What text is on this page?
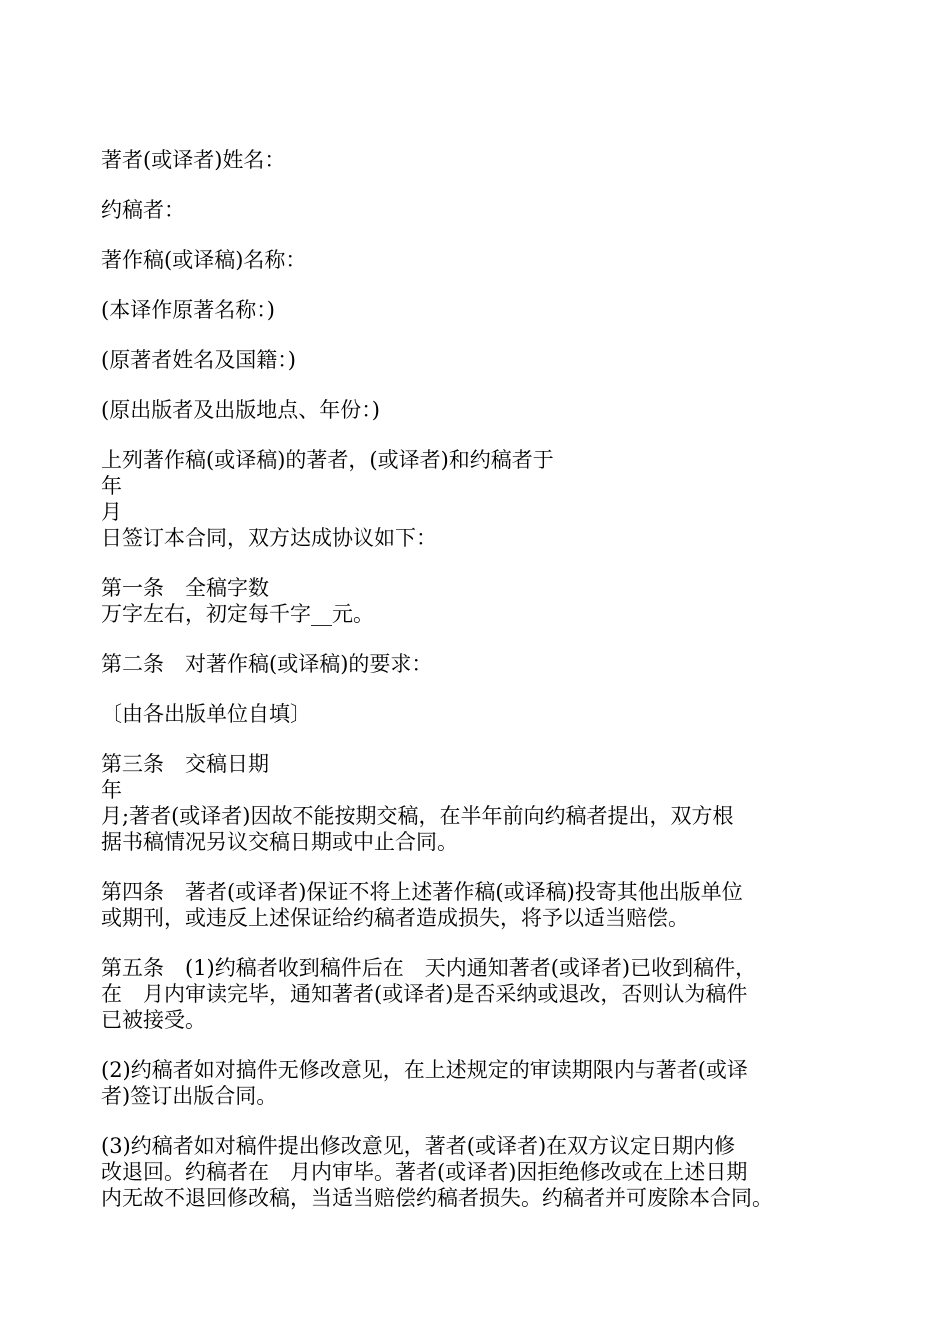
著者(或译者)姓名：
约稿者：
著作稿(或译稿)名称：
(本译作原著名称：)
(原著者姓名及国籍：)
(原出版者及出版地点、年份：)
上列著作稿(或译稿)的著者，(或译者)和约稿者于
年
月
日签订本合同，双方达成协议如下：
第一条　全稿字数
万字左右，初定每千字__元。
第二条　对著作稿(或译稿)的要求：
〔由各出版单位自填〕
第三条　交稿日期
年
月;著者(或译者)因故不能按期交稿，在半年前向约稿者提出，双方根
据书稿情况另议交稿日期或中止合同。
第四条　著者(或译者)保证不将上述著作稿(或译稿)投寄其他出版单位
或期刊，或违反上述保证给约稿者造成损失，将予以适当赔偿。
第五条　(1)约稿者收到稿件后在　天内通知著者(或译者)已收到稿件，
在　月内审读完毕，通知著者(或译者)是否采纳或退改，否则认为稿件
已被接受。
(2)约稿者如对搞件无修改意见，在上述规定的审读期限内与著者(或译
者)签订出版合同。
(3)约稿者如对稿件提出修改意见，著者(或译者)在双方议定日期内修
改退回。约稿者在　月内审毕。著者(或译者)因拒绝修改或在上述日期
内无故不退回修改稿，当适当赔偿约稿者损失。约稿者并可废除本合同。
